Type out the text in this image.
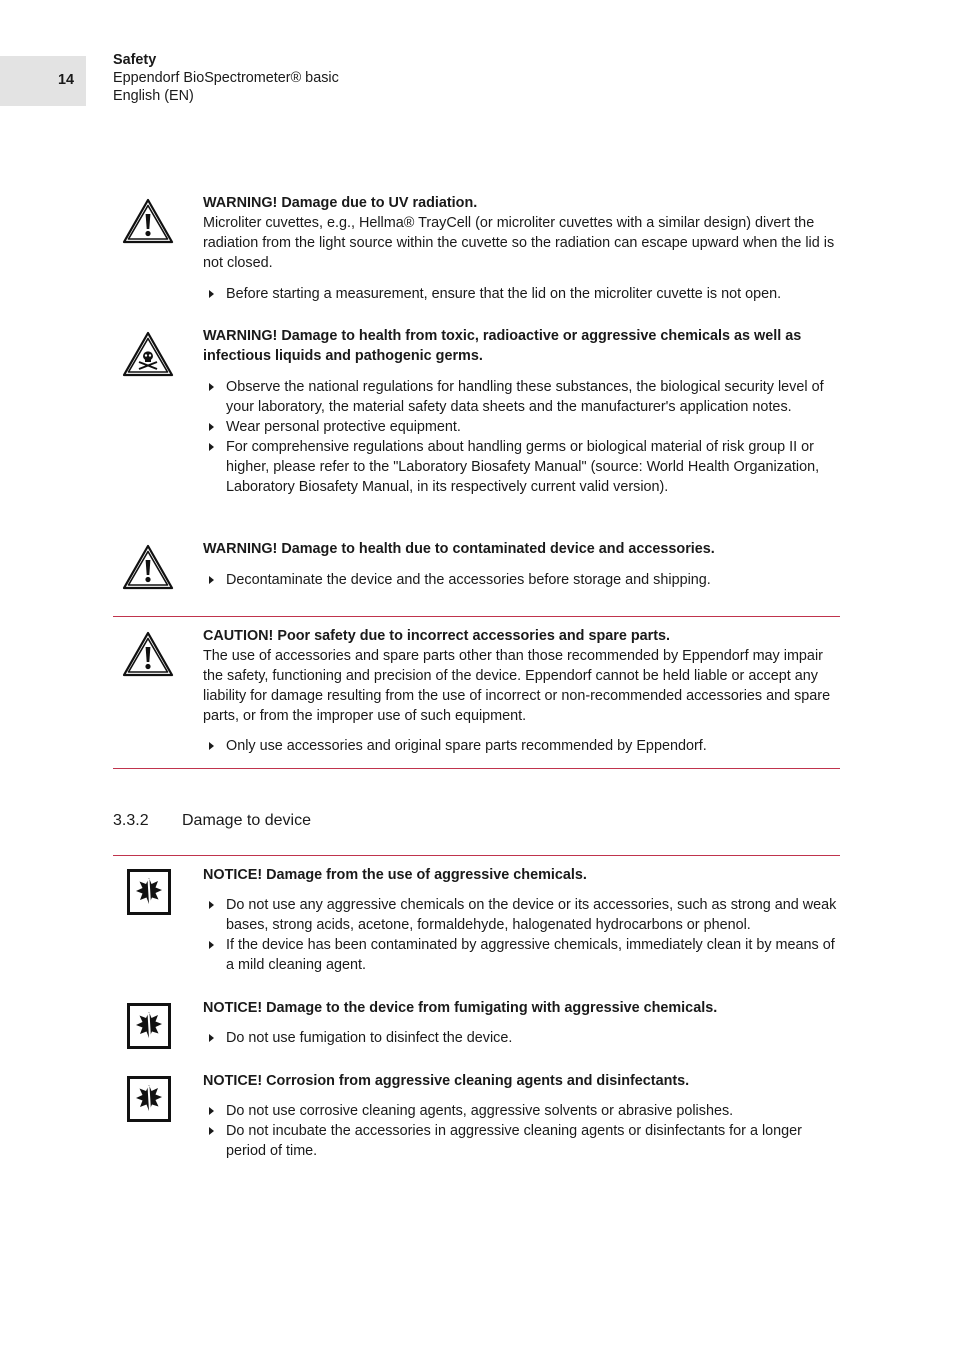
14
Safety
Eppendorf BioSpectrometer® basic
English (EN)

WARNING! Damage due to UV radiation.

Microliter cuvettes, e.g., Hellma® TrayCell (or microliter cuvettes with a similar design) divert the radiation from the light source within the cuvette so the radiation can escape upward when the lid is not closed.

Before starting a measurement, ensure that the lid on the microliter cuvette is not open.

WARNING! Damage to health from toxic, radioactive or aggressive chemicals as well as infectious liquids and pathogenic germs.

Observe the national regulations for handling these substances, the biological security level of your laboratory, the material safety data sheets and the manufacturer's application notes.
Wear personal protective equipment.
For comprehensive regulations about handling germs or biological material of risk group II or higher, please refer to the "Laboratory Biosafety Manual" (source: World Health Organization, Laboratory Biosafety Manual, in its respectively current valid version).

WARNING! Damage to health due to contaminated device and accessories.

Decontaminate the device and the accessories before storage and shipping.

CAUTION! Poor safety due to incorrect accessories and spare parts.

The use of accessories and spare parts other than those recommended by Eppendorf may impair the safety, functioning and precision of the device. Eppendorf cannot be held liable or accept any liability for damage resulting from the use of incorrect or non-recommended accessories and spare parts, or from the improper use of such equipment.

Only use accessories and original spare parts recommended by Eppendorf.
3.3.2 Damage to device

NOTICE! Damage from the use of aggressive chemicals.

Do not use any aggressive chemicals on the device or its accessories, such as strong and weak bases, strong acids, acetone, formaldehyde, halogenated hydrocarbons or phenol.
If the device has been contaminated by aggressive chemicals, immediately clean it by means of a mild cleaning agent.

NOTICE! Damage to the device from fumigating with aggressive chemicals.

Do not use fumigation to disinfect the device.

NOTICE! Corrosion from aggressive cleaning agents and disinfectants.

Do not use corrosive cleaning agents, aggressive solvents or abrasive polishes.
Do not incubate the accessories in aggressive cleaning agents or disinfectants for a longer period of time.
